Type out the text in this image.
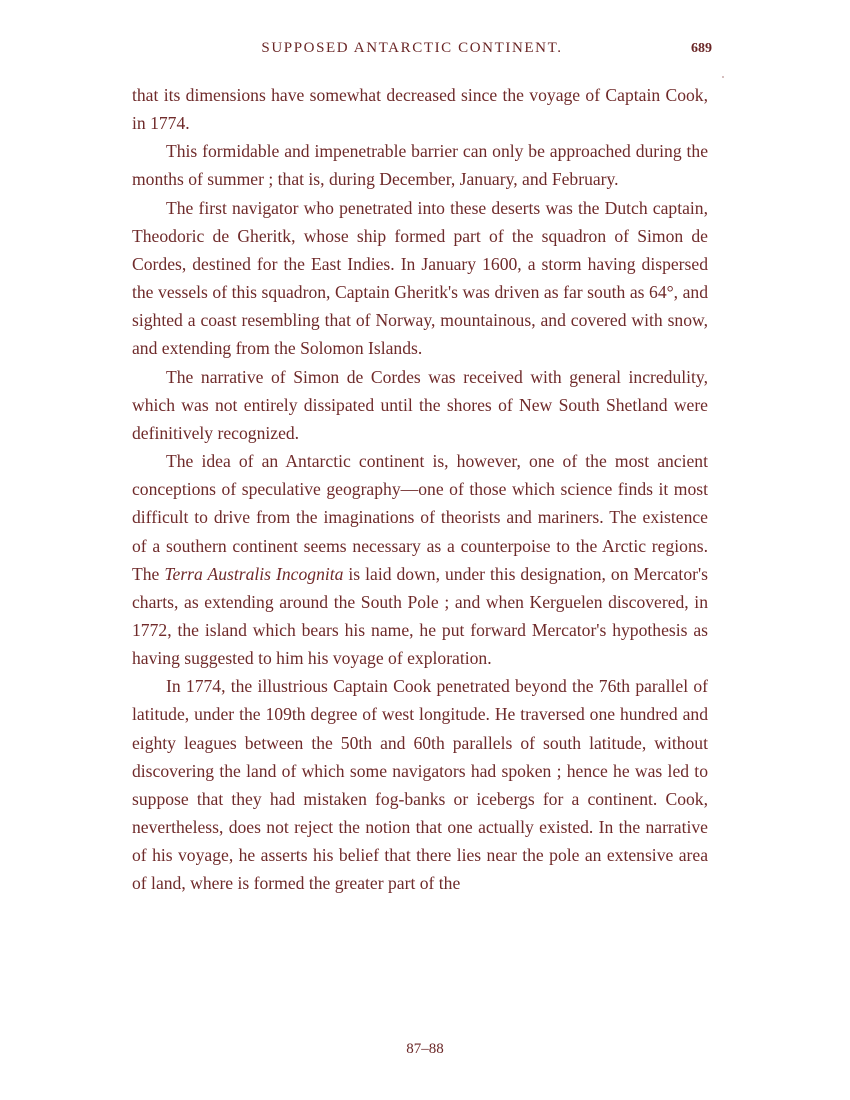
SUPPOSED ANTARCTIC CONTINENT.	689

that its dimensions have somewhat decreased since the voyage of Captain Cook, in 1774.

This formidable and impenetrable barrier can only be approached during the months of summer ; that is, during December, January, and February.

The first navigator who penetrated into these deserts was the Dutch captain, Theodoric de Gheritk, whose ship formed part of the squadron of Simon de Cordes, destined for the East Indies. In January 1600, a storm having dispersed the vessels of this squadron, Captain Gheritk's was driven as far south as 64°, and sighted a coast resembling that of Norway, mountainous, and covered with snow, and extending from the Solomon Islands.

The narrative of Simon de Cordes was received with general incredulity, which was not entirely dissipated until the shores of New South Shetland were definitively recognized.

The idea of an Antarctic continent is, however, one of the most ancient conceptions of speculative geography—one of those which science finds it most difficult to drive from the imaginations of theorists and mariners. The existence of a southern continent seems necessary as a counterpoise to the Arctic regions. The Terra Australis Incognita is laid down, under this designation, on Mercator's charts, as extending around the South Pole ; and when Kerguelen discovered, in 1772, the island which bears his name, he put forward Mercator's hypothesis as having suggested to him his voyage of exploration.

In 1774, the illustrious Captain Cook penetrated beyond the 76th parallel of latitude, under the 109th degree of west longitude. He traversed one hundred and eighty leagues between the 50th and 60th parallels of south latitude, without discovering the land of which some navigators had spoken ; hence he was led to suppose that they had mistaken fog-banks or icebergs for a continent. Cook, nevertheless, does not reject the notion that one actually existed. In the narrative of his voyage, he asserts his belief that there lies near the pole an extensive area of land, where is formed the greater part of the

87–88
